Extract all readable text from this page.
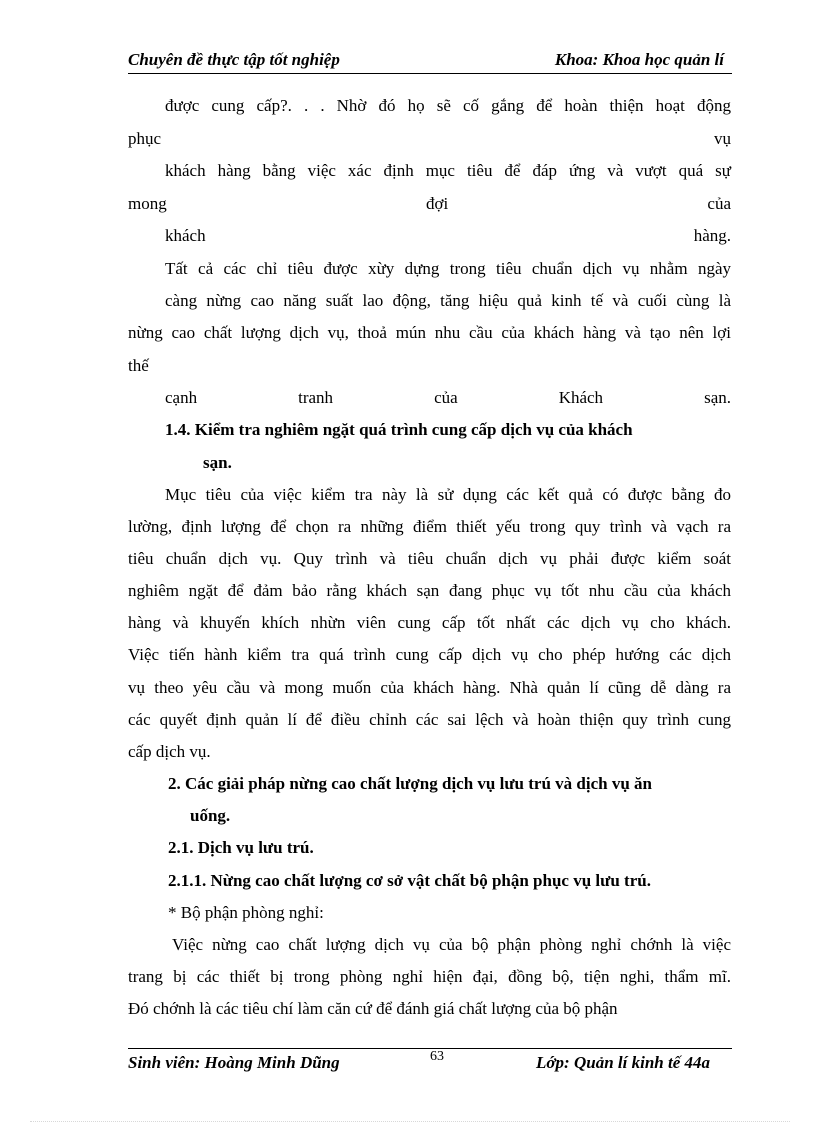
Chuyên đề thực tập tốt nghiệp	Khoa: Khoa học quản lí
được cung cấp?. . . Nhờ đó họ sẽ cố gắng để hoàn thiện hoạt động
phục vụ
khách hàng bằng việc xác định mục tiêu để đáp ứng và vượt quá sự
mong đợi của
khách hàng.
Tất cả các chỉ tiêu được xừy dựng trong tiêu chuẩn dịch vụ nhằm ngày
càng nừng cao năng suất lao động, tăng hiệu quả kinh tế và cuối cùng là
nừng cao chất lượng dịch vụ, thoả mún nhu cầu của khách hàng và tạo nên lợi
thế
cạnh tranh của Khách sạn.
1.4. Kiểm tra nghiêm ngặt quá trình cung cấp dịch vụ của khách
sạn.
Mục tiêu của việc kiểm tra này là sử dụng các kết quả có được bằng đo
lường, định lượng để chọn ra những điểm thiết yếu trong quy trình và vạch ra
tiêu chuẩn dịch vụ. Quy trình và tiêu chuẩn dịch vụ phải được kiểm soát
nghiêm ngặt để đảm bảo rằng khách sạn đang phục vụ tốt nhu cầu của khách
hàng và khuyến khích nhừn viên cung cấp tốt nhất các dịch vụ cho khách.
Việc tiến hành kiểm tra quá trình cung cấp dịch vụ cho phép hướng các dịch
vụ theo yêu cầu và mong muốn của khách hàng. Nhà quản lí cũng dễ dàng ra
các quyết định quản lí để điều chỉnh các sai lệch và hoàn thiện quy trình cung
cấp dịch vụ.
2. Các giải pháp nừng cao chất lượng dịch vụ lưu trú và dịch vụ ăn
uống.
2.1. Dịch vụ lưu trú.
2.1.1. Nừng cao chất lượng cơ sở vật chất bộ phận phục vụ lưu trú.
* Bộ phận phòng nghỉ:
Việc nừng cao chất lượng dịch vụ của bộ phận phòng nghỉ chớnh là việc
trang bị các thiết bị trong phòng nghỉ hiện đại, đồng bộ, tiện nghi, thẩm mĩ.
Đó chớnh là các tiêu chí làm căn cứ để đánh giá chất lượng của bộ phận
Sinh viên: Hoàng Minh Dũng	63	Lớp: Quản lí kinh tế 44a
